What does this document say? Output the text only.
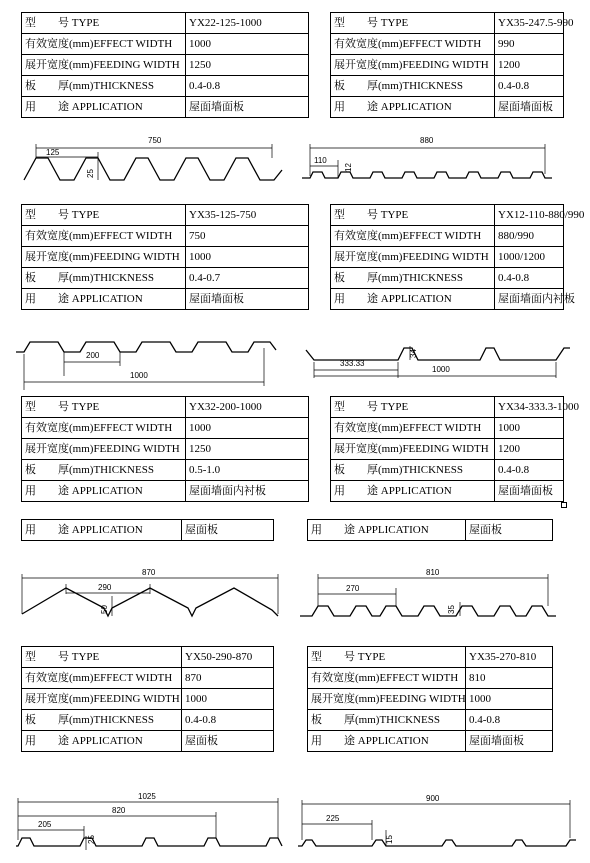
型　　号 TYPE	YX22-125-1000		型　　号 TYPE	YX35-247.5-990
有效宽度(mm)EFFECT WIDTH	1000		有效宽度(mm)EFFECT WIDTH	990
展开宽度(mm)FEEDING WIDTH	1250		展开宽度(mm)FEEDING WIDTH	1200
板　　厚(mm)THICKNESS	0.4-0.8		板　　厚(mm)THICKNESS	0.4-0.8
用　　途 APPLICATION	屋面墙面板		用　　途 APPLICATION	屋面墙面板
750
125
25
880
110
12
型　　号 TYPE	YX35-125-750		型　　号 TYPE	YX12-110-880/990
有效宽度(mm)EFFECT WIDTH	750		有效宽度(mm)EFFECT WIDTH	880/990
展开宽度(mm)FEEDING WIDTH	1000		展开宽度(mm)FEEDING WIDTH	1000/1200
板　　厚(mm)THICKNESS	0.4-0.7		板　　厚(mm)THICKNESS	0.4-0.8
用　　途 APPLICATION	屋面墙面板		用　　途 APPLICATION	屋面墙面内衬板
200
1000
333.33
34
1000
型　　号 TYPE	YX32-200-1000		型　　号 TYPE	YX34-333.3-1000
有效宽度(mm)EFFECT WIDTH	1000		有效宽度(mm)EFFECT WIDTH	1000
展开宽度(mm)FEEDING WIDTH	1250		展开宽度(mm)FEEDING WIDTH	1200
板　　厚(mm)THICKNESS	0.5-1.0		板　　厚(mm)THICKNESS	0.4-0.8
用　　途 APPLICATION	屋面墙面内衬板		用　　途 APPLICATION	屋面墙面板
用　　途 APPLICATION	屋面板		用　　途 APPLICATION	屋面板
870
290
50
810
270
35
型　　号 TYPE	YX50-290-870		型　　号 TYPE	YX35-270-810
有效宽度(mm)EFFECT WIDTH	870		有效宽度(mm)EFFECT WIDTH	810
展开宽度(mm)FEEDING WIDTH	1000		展开宽度(mm)FEEDING WIDTH	1000
板　　厚(mm)THICKNESS	0.4-0.8		板　　厚(mm)THICKNESS	0.4-0.8
用　　途 APPLICATION	屋面板		用　　途 APPLICATION	屋面墙面板
1025
820
205
25
900
225
15
